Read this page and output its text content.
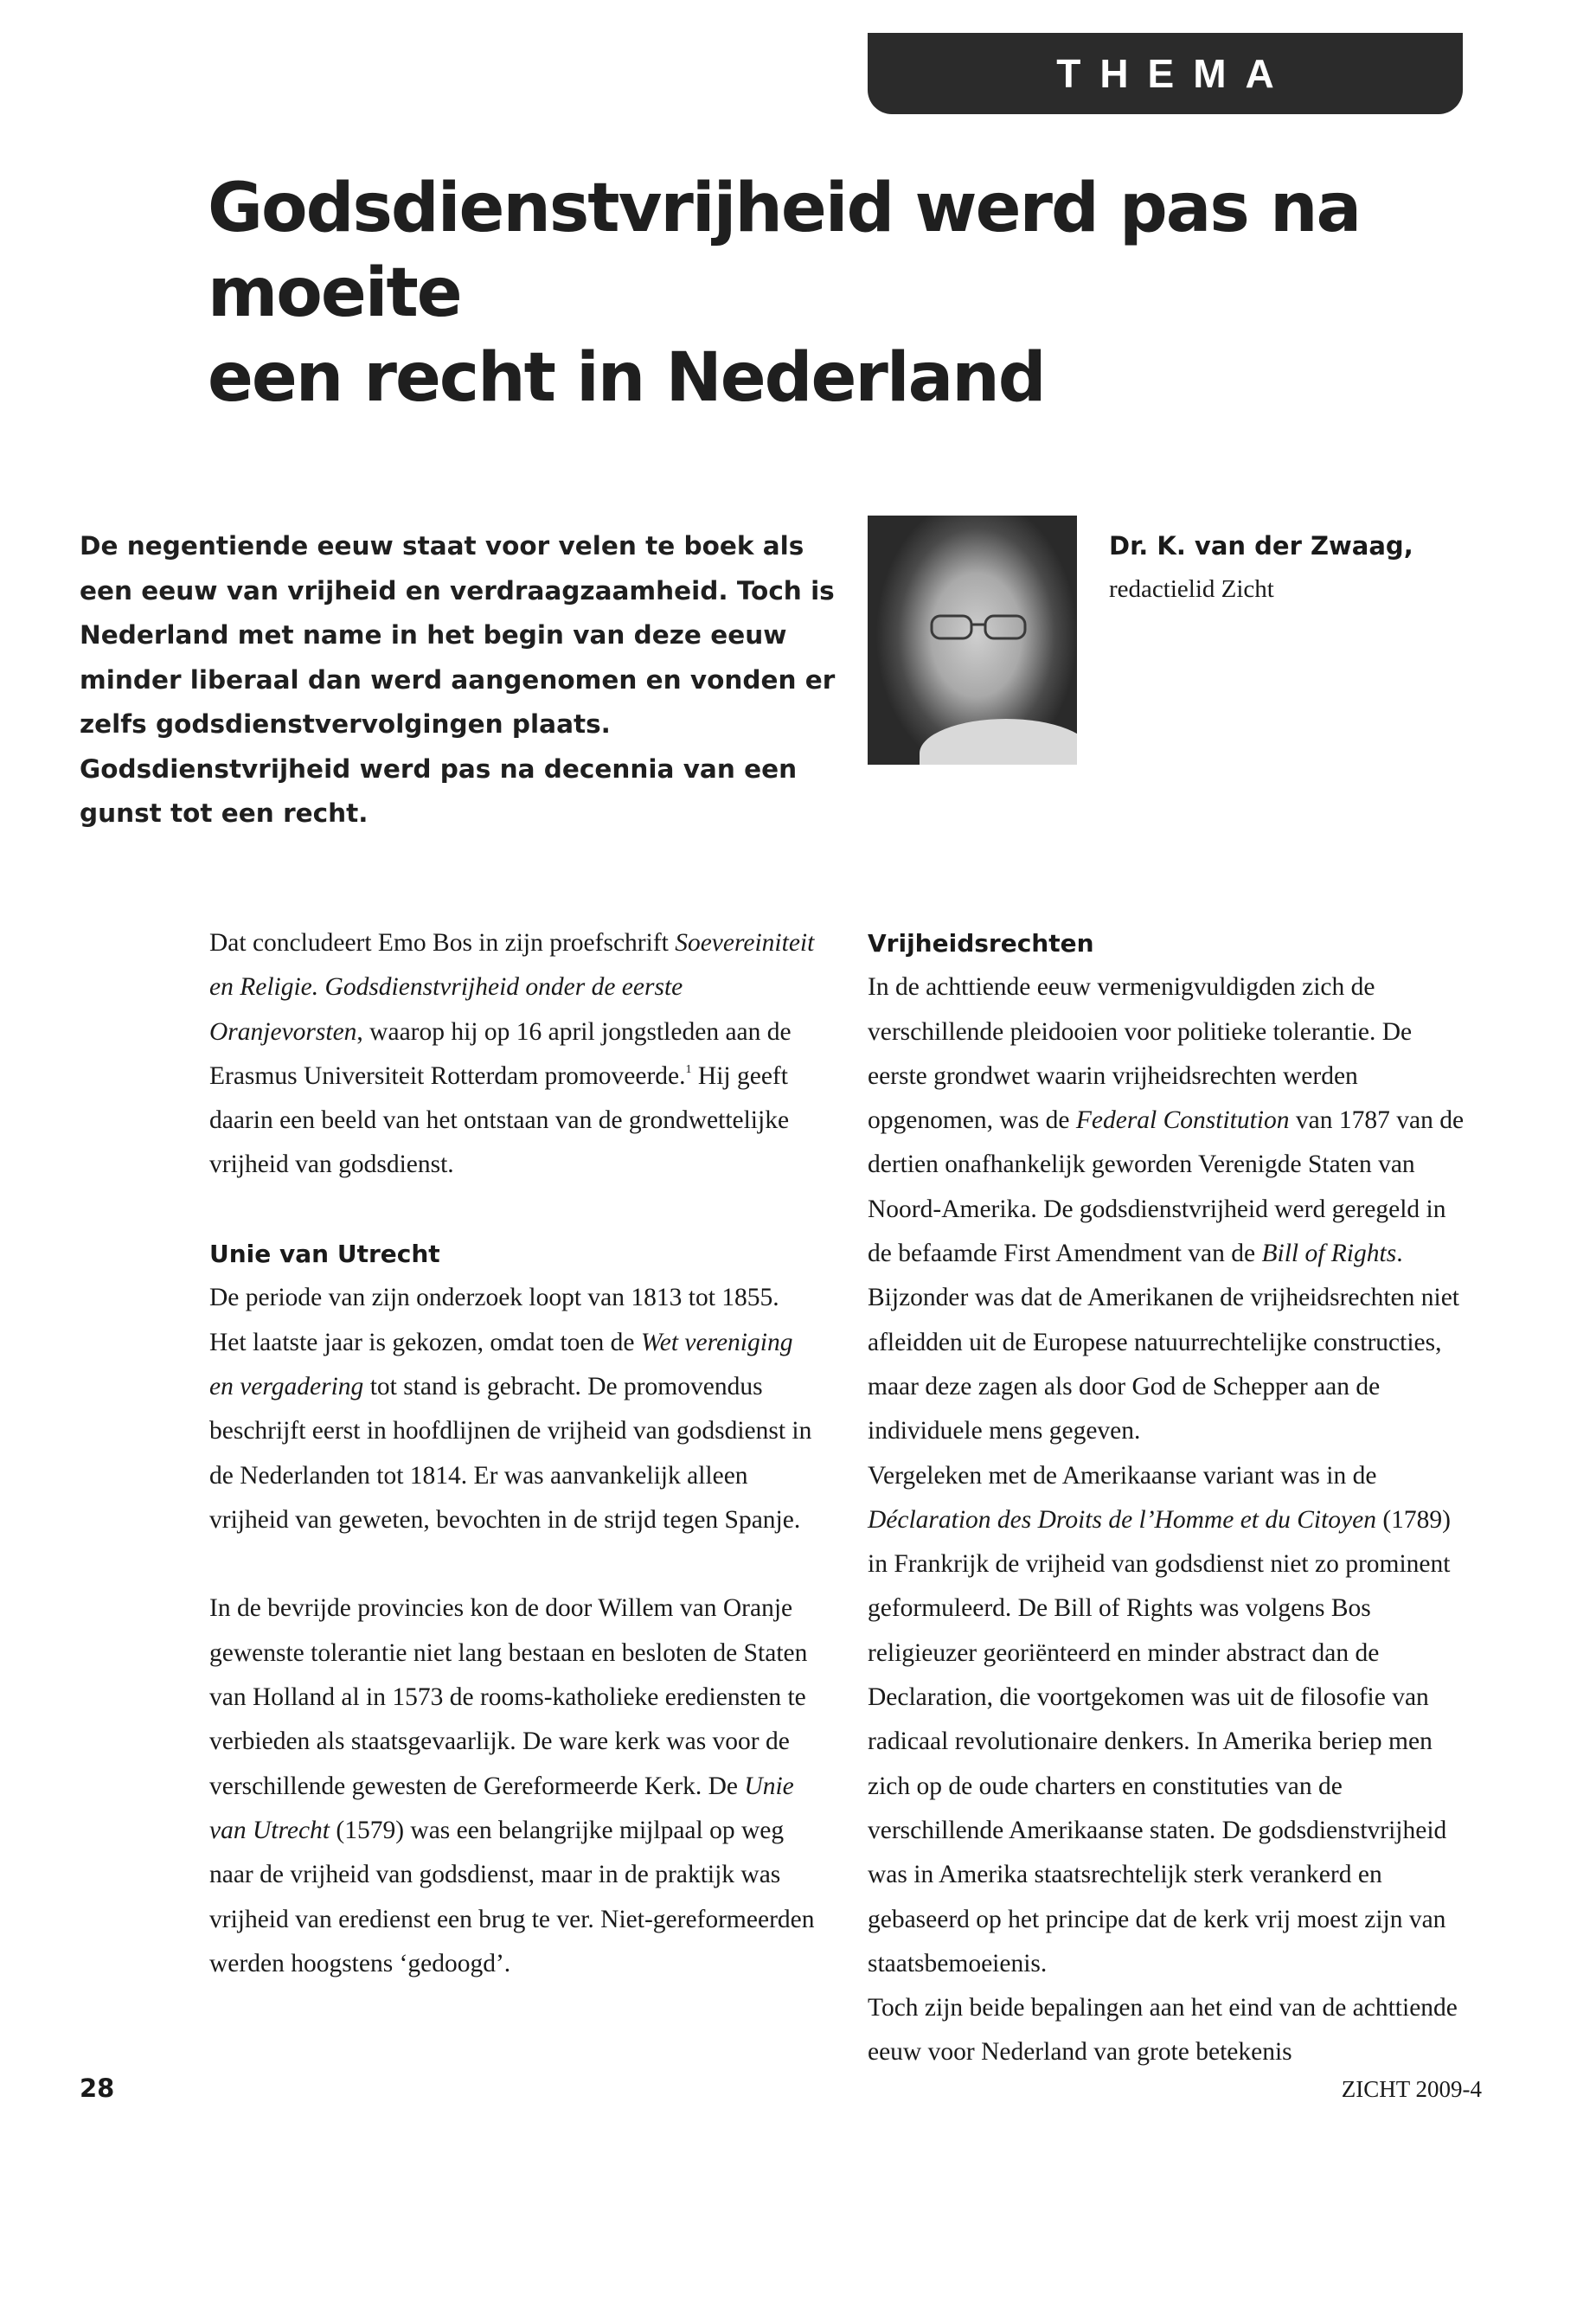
THEMA
Godsdienstvrijheid werd pas na moeite
een recht in Nederland

De negentiende eeuw staat voor velen te boek als een eeuw van vrijheid en verdraagzaamheid. Toch is Nederland met name in het begin van deze eeuw minder liberaal dan werd aangenomen en vonden er zelfs godsdienstvervolgingen plaats. Godsdienstvrijheid werd pas na decennia van een gunst tot een recht.

Dr. K. van der Zwaag,

redactielid Zicht

Dat concludeert Emo Bos in zijn proefschrift Soevereiniteit en Religie. Godsdienstvrijheid onder de eerste Oranjevorsten, waarop hij op 16 april jongstleden aan de Erasmus Universiteit Rotterdam promoveerde.$^1$ Hij geeft daarin een beeld van het ontstaan van de grondwettelijke vrijheid van godsdienst.

Unie van Utrecht

De periode van zijn onderzoek loopt van 1813 tot 1855. Het laatste jaar is gekozen, omdat toen de Wet vereniging en vergadering tot stand is gebracht. De promovendus beschrijft eerst in hoofdlijnen de vrijheid van godsdienst in de Nederlanden tot 1814. Er was aanvankelijk alleen vrijheid van geweten, bevochten in de strijd tegen Spanje.

In de bevrijde provincies kon de door Willem van Oranje gewenste tolerantie niet lang bestaan en besloten de Staten van Holland al in 1573 de rooms-katholieke erediensten te verbieden als staatsgevaarlijk. De ware kerk was voor de verschillende gewesten de Gereformeerde Kerk. De Unie van Utrecht (1579) was een belangrijke mijlpaal op weg naar de vrijheid van godsdienst, maar in de praktijk was vrijheid van eredienst een brug te ver. Niet-gereformeerden werden hoogstens ‘gedoogd’.

Vrijheidsrechten

In de achttiende eeuw vermenigvuldigden zich de verschillende pleidooien voor politieke tolerantie. De eerste grondwet waarin vrijheidsrechten werden opgenomen, was de Federal Constitution van 1787 van de dertien onafhankelijk geworden Verenigde Staten van Noord-Amerika. De godsdienstvrijheid werd geregeld in de befaamde First Amendment van de Bill of Rights. Bijzonder was dat de Amerikanen de vrijheidsrechten niet afleidden uit de Europese natuurrechtelijke constructies, maar deze zagen als door God de Schepper aan de individuele mens gegeven.

Vergeleken met de Amerikaanse variant was in de Déclaration des Droits de l’Homme et du Citoyen (1789) in Frankrijk de vrijheid van godsdienst niet zo prominent geformuleerd. De Bill of Rights was volgens Bos religieuzer georiënteerd en minder abstract dan de Declaration, die voortgekomen was uit de filosofie van radicaal revolutionaire denkers. In Amerika beriep men zich op de oude charters en constituties van de verschillende Amerikaanse staten. De godsdienstvrijheid was in Amerika staatsrechtelijk sterk verankerd en gebaseerd op het principe dat de kerk vrij moest zijn van staatsbemoeienis.

Toch zijn beide bepalingen aan het eind van de achttiende eeuw voor Nederland van grote betekenis

28	ZICHT 2009-4
